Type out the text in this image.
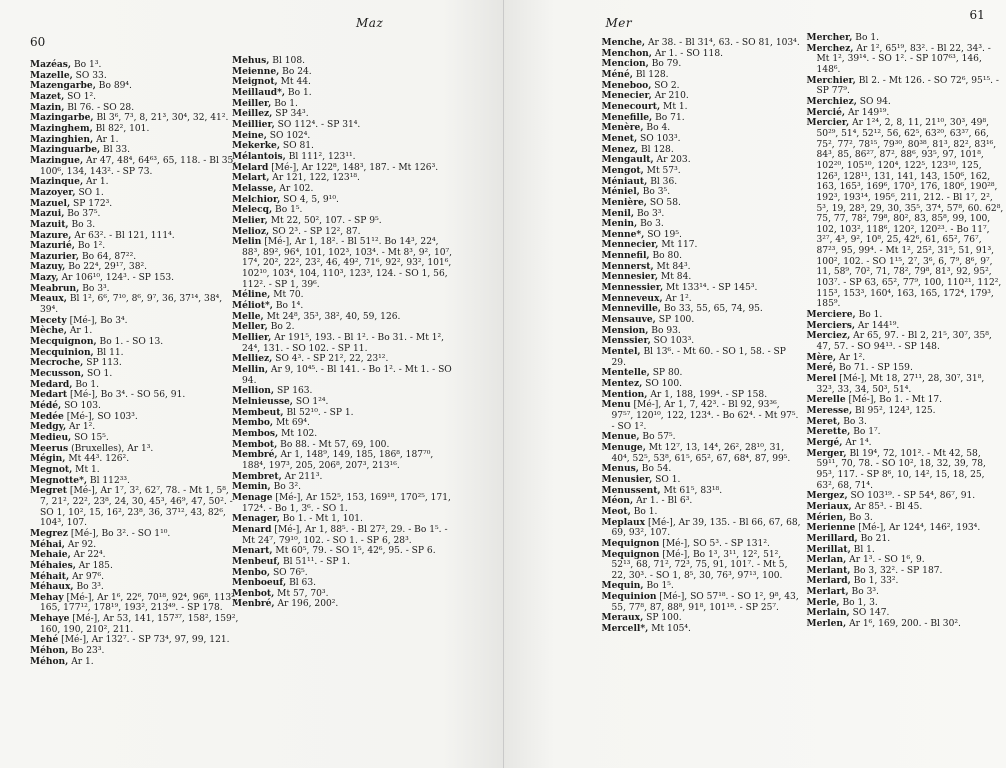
Maz
60
Mazéas, Bo 1³.
Mazelle, SO 33.
Mazengarbe, Bo 89⁴.
Mazet, SO 1².
Mazin, Bl 76. - SO 28.
Mazingarbe, Bl 3⁶, 7³, 8, 21³, 30⁴, 32, 41².
Mazinghem, Bl 82², 101.
Mazinghien, Ar 1.
Mazinguarbe, Bl 33.
Mazingue, Ar 47, 48⁴, 64⁶³, 65, 118. - Bl 35, 100⁶, 134, 143². - SP 73.
Mazinque, Ar 1.
Mazoyer, SO 1.
Mazuel, SP 172³.
Mazui, Bo 37⁵.
Mazuit, Bo 3.
Mazure, Ar 63². - Bl 121, 111⁴.
Mazurié, Bo 1².
Mazurier, Bo 64, 87²².
Mazuy, Bo 22⁴, 29¹⁷, 38².
Mazy, Ar 106¹⁰, 124³. - SP 153.
Meabrun, Bo 3³.
Meaux, Bl 1², 6⁶, 7¹⁰, 8⁶, 9⁷, 36, 37¹⁴, 38⁴, 39⁴.
Mecety [Mé-], Bo 3⁴.
Mèche, Ar 1.
Mecquignon, Bo 1. - SO 13.
Mecquinion, Bl 11.
Mecroche, SP 113.
Mecusson, SO 1.
Medard, Bo 1.
Medart [Mé-], Bo 3⁴. - SO 56, 91.
Médé, SO 103.
Medée [Mé-], SO 103³.
Medgy, Ar 1².
Medieu, SO 15⁵.
Meerus (Bruxelles), Ar 1³.
Mégin, Mt 44³. 126².
Megnot, Mt 1.
Megnotte*, Bl 112³³.
Megret [Mé-], Ar 1⁷, 3², 62⁷, 78. - Mt 1, 5⁸, 7, 21², 22², 23⁸, 24, 30, 45³, 46⁹, 47, 50². - SO 1, 10², 15, 16², 23⁸, 36, 37¹², 43, 82⁶, 104³, 107.
Megrez [Mé-], Bo 3². - SO 1¹⁰.
Méhai, Ar 92.
Mehaie, Ar 22⁴.
Méhaies, Ar 185.
Méhait, Ar 97⁶.
Méhaux, Bo 3³.
Mehay [Mé-], Ar 1⁶, 22⁶, 70¹⁸, 92⁴, 96⁸, 113², 165, 177¹², 178¹⁹, 193², 213⁴⁹. - SP 178.
Mehaye [Mé-], Ar 53, 141, 157³⁷, 158², 159², 160, 190, 210², 211.
Mehé [Mé-], Ar 132⁷. - SP 73⁴, 97, 99, 121.
Méhon, Bo 23³.
Méhon, Ar 1.
Mehus, Bl 108.
Meienne, Bo 24.
Meignot, Mt 44.
Meillaud*, Bo 1.
Meiller, Bo 1.
Meillez, SP 34³.
Meillier, SO 112⁴. - SP 31⁴.
Meine, SO 102⁴.
Mekerke, SO 81.
Mélantois, Bl 111², 123¹¹.
Melard [Mé-], Ar 122⁸, 148³, 187. - Mt 126³.
Melart, Ar 121, 122, 123¹⁸.
Melasse, Ar 102.
Melchior, SO 4, 5, 9¹⁰.
Melecq, Bo 1⁵.
Melier, Mt 22, 50², 107. - SP 9⁵.
Melioz, SO 2³. - SP 12², 87.
Melin [Mé-], Ar 1, 18². - Bl 51¹². Bo 14³, 22⁴, 88³, 89², 96⁴, 101, 102³, 103⁴. - Mt 8³, 9², 10⁷, 17⁴, 20², 22², 23², 46, 49², 71⁶, 92², 93², 101⁶, 102¹⁰, 103⁴, 104, 110³, 123³, 124. - SO 1, 56, 112². - SP 1, 39⁶.
Méline, Mt 70.
Méliot*, Bo 1⁴.
Melle, Mt 24⁸, 35³, 38², 40, 59, 126.
Meller, Bo 2.
Mellier, Ar 191⁵, 193. - Bl 1². - Bo 31. - Mt 1², 24⁴, 131. - SO 102. - SP 11.
Melliez, SO 4³. - SP 21², 22, 23¹².
Mellin, Ar 9, 10⁴⁵. - Bl 141. - Bo 1². - Mt 1. - SO 94.
Mellion, SP 163.
Melnieusse, SO 1²⁴.
Membeut, Bl 52¹⁰. - SP 1.
Membo, Mt 69⁴.
Membos, Mt 102.
Membot, Bo 88. - Mt 57, 69, 100.
Membré, Ar 1, 148⁹, 149, 185, 186⁸, 187⁷⁰, 188⁴, 197³, 205, 206⁸, 207³, 213¹⁶.
Membret, Ar 211³.
Memin, Bo 3².
Menage [Mé-], Ar 152⁵, 153, 169¹⁸, 170²⁵, 171, 172⁴. - Bo 1, 3⁶. - SO 1.
Menager, Bo 1. - Mt 1, 101.
Menard [Mé-], Ar 1, 88⁵. - Bl 27², 29. - Bo 1⁵. - Mt 24⁷, 79¹⁰, 102. - SO 1. - SP 6, 28³.
Menart, Mt 60⁵, 79. - SO 1⁵, 42⁶, 95. - SP 6.
Menbeuf, Bl 51¹¹. - SP 1.
Menbo, SO 76⁵.
Menboeuf, Bl 63.
Menbot, Mt 57, 70³.
Menbré, Ar 196, 200².
Mer
61
Menche, Ar 38. - Bl 31⁴, 63. - SO 81, 103⁴.
Menchon, Ar 1. - SO 118.
Mencion, Bo 79.
Méné, Bl 128.
Meneboo, SO 2.
Menecier, Ar 210.
Menecourt, Mt 1.
Menefille, Bo 71.
Menère, Bo 4.
Menet, SO 103³.
Menez, Bl 128.
Mengault, Ar 203.
Mengot, Mt 57³.
Méniaut, Bl 36.
Méniel, Bo 3⁵.
Menière, SO 58.
Menil, Bo 3³.
Menin, Bo 3.
Menne*, SO 19⁵.
Mennecier, Mt 117.
Mennefil, Bo 80.
Mennerst, Mt 84³.
Mennesier, Mt 84.
Mennessier, Mt 133¹⁴. - SP 145³.
Menneveux, Ar 1².
Menneville, Bo 33, 55, 65, 74, 95.
Mensauve, SP 100.
Mension, Bo 93.
Menssier, SO 103³.
Mentel, Bl 13⁶. - Mt 60. - SO 1, 58. - SP 29.
Mentelle, SP 80.
Mentez, SO 100.
Mention, Ar 1, 188, 199⁴. - SP 158.
Menu [Mé-], Ar 1, 7, 42³. - Bl 92, 93³⁶, 97⁵⁷, 120¹⁰, 122, 123⁴. - Bo 62⁴. - Mt 97⁵. - SO 1².
Menue, Bo 57⁵.
Menuge, Mt 12⁷, 13, 14⁴, 26², 28¹⁰, 31, 40⁴, 52⁵, 53⁸, 61⁵, 65², 67, 68⁴, 87, 99⁵.
Menus, Bo 54.
Menusier, SO 1.
Menussent, Mt 61⁵, 83¹⁸.
Méon, Ar 1. - Bl 6³.
Meot, Bo 1.
Meplaux [Mé-], Ar 39, 135. - Bl 66, 67, 68, 69, 93², 107.
Mequignon [Mé-], SO 5³. - SP 131².
Mequignon [Mé-], Bo 1³, 3¹¹, 12², 51², 52¹³, 68, 71², 72³, 75, 91, 101⁷. - Mt 5, 22, 30³. - SO 1, 8⁵, 30, 76³, 97¹³, 100.
Mequin, Bo 1⁵.
Mequinion [Mé-], SO 57¹⁸. - SO 1², 9⁸, 43, 55, 77⁸, 87, 88⁸, 91⁸, 101¹⁸. - SP 25⁷.
Meraux, SP 100.
Mercell*, Mt 105⁴.
Mercher, Bo 1.
Merchez, Ar 1², 65¹⁹, 83². - Bl 22, 34³. - Mt 1², 39¹⁴. - SO 1². - SP 107⁶³, 146, 148⁶.
Merchier, Bl 2. - Mt 126. - SO 72⁶, 95¹⁵. - SP 77⁹.
Merchiez, SO 94.
Mercié, Ar 149¹⁹.
Mercier, Ar 1²⁴, 2, 8, 11, 21¹⁰, 30³, 49⁸, 50²⁹, 51⁴, 52¹², 56, 62⁵, 63²⁰, 63³⁷, 66, 75², 77², 78¹⁵, 79³⁰, 80³⁸, 81³, 82², 83¹⁶, 84³, 85, 86²⁷, 87², 88⁶, 93⁵, 97, 101⁸, 102²⁰, 105¹⁰, 120⁴, 122⁵, 123¹⁰, 125, 126³, 128¹¹, 131, 141, 143, 150⁶, 162, 163, 165³, 169⁶, 170³, 176, 180⁶, 190²⁸, 192³, 193¹⁴, 195⁶, 211, 212. - Bl 1⁷, 2², 5³, 19, 28³, 29, 30, 35⁵, 37⁴, 57⁸, 60. 62⁸, 75, 77, 78², 79⁸, 80², 83, 85⁸, 99, 100, 102, 103², 118⁶, 120², 120²³. - Bo 11⁷, 3²⁷, 4³, 9², 10⁸, 25, 42⁶, 61, 65², 76⁷, 87²³, 95, 99⁴. - Mt 1², 25², 31⁵, 51, 91³, 100², 102. - SO 1¹⁵, 2⁷, 3⁶, 6, 7⁹, 8⁶, 9⁷, 11, 58⁹, 70², 71, 78², 79⁸, 81³, 92, 95², 103⁷. - SP 63, 65², 77⁹, 100, 110²¹, 112², 115³, 153³, 160⁴, 163, 165, 172⁴, 179³, 185⁹.
Merciere, Bo 1.
Merciers, Ar 144¹⁹.
Merciez, Ar 65, 97. - Bl 2, 21⁵, 30⁷, 35⁸, 47, 57. - SO 94¹³. - SP 148.
Mère, Ar 1².
Meré, Bo 71. - SP 159.
Merel [Mé-], Mt 18, 27¹¹, 28, 30⁷, 31⁸, 32³, 33, 34, 50³, 51⁴.
Merelle [Mé-], Bo 1. - Mt 17.
Meresse, Bl 95², 124³, 125.
Meret, Bo 3.
Merette, Bo 1⁷.
Mergé, Ar 1⁴.
Merger, Bl 19⁴, 72, 101². - Mt 42, 58, 59¹¹, 70, 78. - SO 10², 18, 32, 39, 78, 95³, 117. - SP 8⁶, 10, 14², 15, 18, 25, 63², 68, 71⁴.
Mergez, SO 103¹⁹. - SP 54⁴, 86⁷, 91.
Meriaux, Ar 85³. - Bl 45.
Mérien, Bo 3.
Merienne [Mé-], Ar 124⁴, 146², 193⁴.
Merillard, Bo 21.
Merillat, Bl 1.
Merlan, Ar 1³. - SO 1⁶, 9.
Merlant, Bo 3, 32². - SP 187.
Merlard, Bo 1, 33².
Merlart, Bo 3³.
Merle, Bo 1, 3.
Merlain, SO 147.
Merlen, Ar 1⁶, 169, 200. - Bl 30².
